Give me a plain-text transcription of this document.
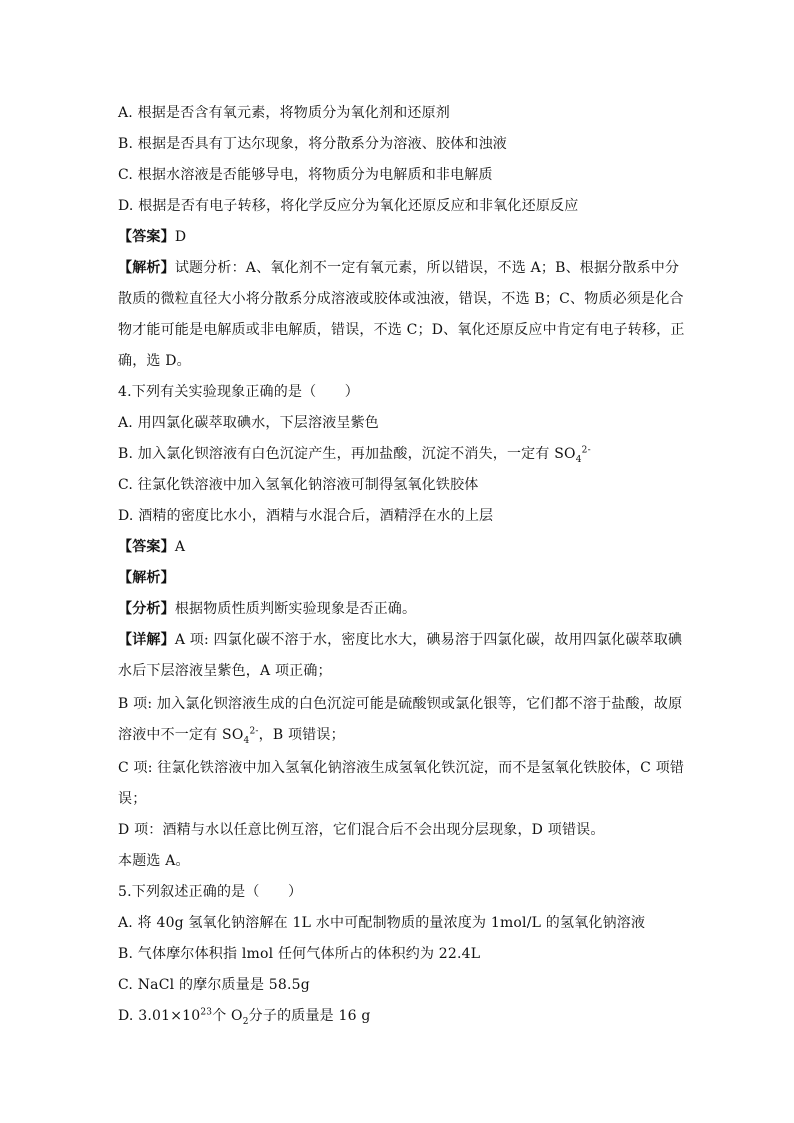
A. 根据是否含有氧元素，将物质分为氧化剂和还原剂
B. 根据是否具有丁达尔现象，将分散系分为溶液、胶体和浊液
C. 根据水溶液是否能够导电，将物质分为电解质和非电解质
D. 根据是否有电子转移，将化学反应分为氧化还原反应和非氧化还原反应
【答案】D
【解析】试题分析：A、氧化剂不一定有氧元素，所以错误，不选 A；B、根据分散系中分
散质的微粒直径大小将分散系分成溶液或胶体或浊液，错误，不选 B；C、物质必须是化合
物才能可能是电解质或非电解质，错误，不选 C；D、氧化还原反应中肯定有电子转移，正
确，选 D。
4.下列有关实验现象正确的是（　　）
A. 用四氯化碳萃取碘水，下层溶液呈紫色
B. 加入氯化钡溶液有白色沉淀产生，再加盐酸，沉淀不消失，一定有 $SO_4^{2-}$
C. 往氯化铁溶液中加入氢氧化钠溶液可制得氢氧化铁胶体
D. 酒精的密度比水小，酒精与水混合后，酒精浮在水的上层
【答案】A
【解析】
【分析】根据物质性质判断实验现象是否正确。
【详解】A 项: 四氯化碳不溶于水，密度比水大，碘易溶于四氯化碳，故用四氯化碳萃取碘
水后下层溶液呈紫色，A 项正确；
B 项: 加入氯化钡溶液生成的白色沉淀可能是硫酸钡或氯化银等，它们都不溶于盐酸，故原
溶液中不一定有 $SO_4^{2-}$，B 项错误；
C 项: 往氯化铁溶液中加入氢氧化钠溶液生成氢氧化铁沉淀，而不是氢氧化铁胶体，C 项错
误；
D 项：酒精与水以任意比例互溶，它们混合后不会出现分层现象，D 项错误。
本题选 A。
5.下列叙述正确的是（　　）
A. 将 40g 氢氧化钠溶解在 1L 水中可配制物质的量浓度为 1mol/L 的氢氧化钠溶液
B. 气体摩尔体积指 lmol 任何气体所占的体积约为 22.4L
C. NaCl 的摩尔质量是 58.5g
D. $3.01\times 10^{23}$个 $O_2$分子的质量是 16 g
